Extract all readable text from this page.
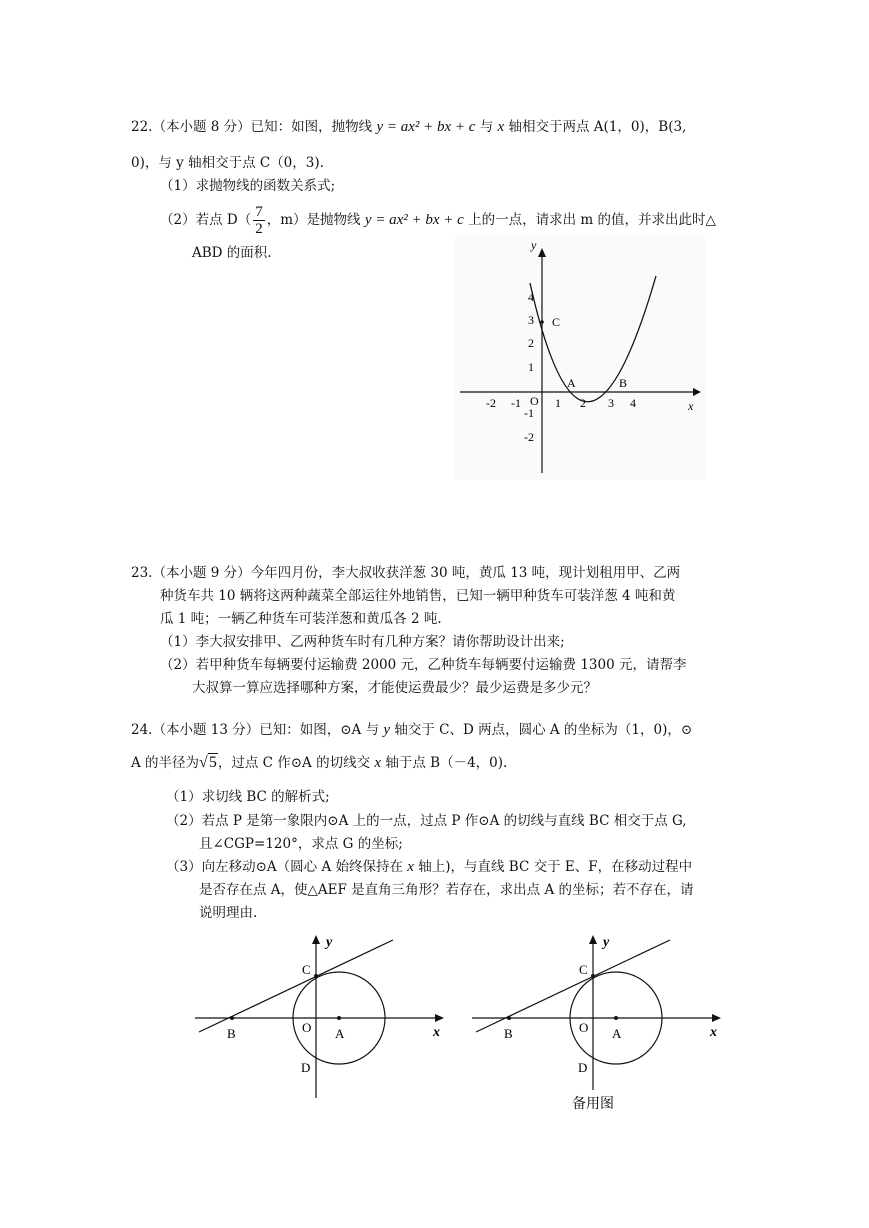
22.（本小题 8 分）已知：如图，抛物线 y = ax² + bx + c 与 x 轴相交于两点 A(1，0)，B(3,
0)，与 y 轴相交于点 C（0，3).
（1）求抛物线的函数关系式;
（2）若点 $D( \frac{7}{2}$ ，m）是抛物线 y = ax² + bx + c 上的一点，请求出 m 的值，并求出此时△
ABD 的面积.	y
x
4
3
2
1
-1
-2
-2 -1	1 2 3 4
O
C
A	B
23.（本小题 9 分）今年四月份，李大叔收获洋葱 30 吨，黄瓜 13 吨，现计划租用甲、乙两
种货车共 10 辆将这两种蔬菜全部运往外地销售，已知一辆甲种货车可装洋葱 4 吨和黄
瓜 1 吨；一辆乙种货车可装洋葱和黄瓜各 2 吨.
（1）李大叔安排甲、乙两种货车时有几种方案？请你帮助设计出来;
（2）若甲种货车每辆要付运输费 2000 元，乙种货车每辆要付运输费 1300 元，请帮李
大叔算一算应选择哪种方案，才能使运费最少？最少运费是多少元？
24.（本小题 13 分）已知：如图，⊙A 与 y 轴交于 C、D 两点，圆心 A 的坐标为（1，0)，⊙
A 的半径为√5，过点 C 作⊙A 的切线交 x 轴于点 B（－4，0).
（1）求切线 BC 的解析式;
（2）若点 P 是第一象限内⊙A 上的一点，过点 P 作⊙A 的切线与直线 BC 相交于点 G,
且∠CGP=120°，求点 G 的坐标;
（3）向左移动⊙A（圆心 A 始终保持在 x 轴上)，与直线 BC 交于 E、F，在移动过程中
是否存在点 A，使△AEF 是直角三角形？若存在，求出点 A 的坐标；若不存在，请
说明理由.
y
x
C
O A
B
D
y
x
C
O A
B
D
备用图
